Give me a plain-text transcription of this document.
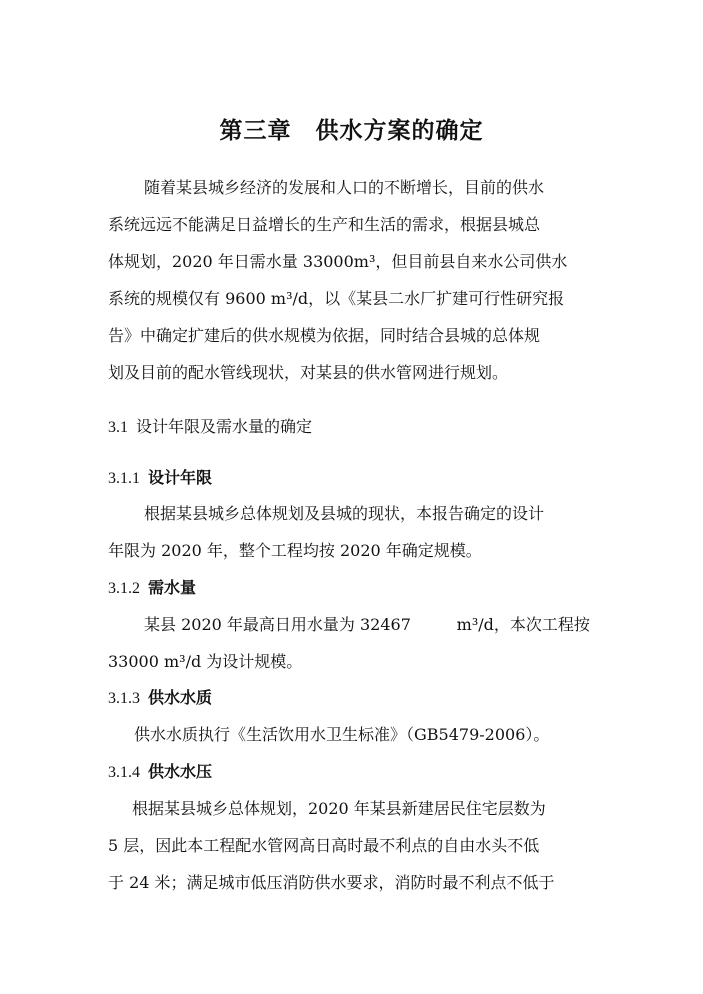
第三章　供水方案的确定
随着某县城乡经济的发展和人口的不断增长，目前的供水
系统远远不能满足日益增长的生产和生活的需求，根据县城总
体规划，2020 年日需水量 33000m³，但目前县自来水公司供水
系统的规模仅有 9600 m³/d，以《某县二水厂扩建可行性研究报
告》中确定扩建后的供水规模为依据，同时结合县城的总体规
划及目前的配水管线现状，对某县的供水管网进行规划。
3.1 设计年限及需水量的确定
3.1.1 设计年限
根据某县城乡总体规划及县城的现状，本报告确定的设计
年限为 2020 年，整个工程均按 2020 年确定规模。
3.1.2 需水量
某县 2020 年最高日用水量为 32467         m³/d，本次工程按
33000 m³/d 为设计规模。
3.1.3 供水水质
供水水质执行《生活饮用水卫生标准》（GB5479-2006）。
3.1.4 供水水压
根据某县城乡总体规划，2020 年某县新建居民住宅层数为
5 层，因此本工程配水管网高日高时最不利点的自由水头不低
于 24 米；满足城市低压消防供水要求，消防时最不利点不低于
